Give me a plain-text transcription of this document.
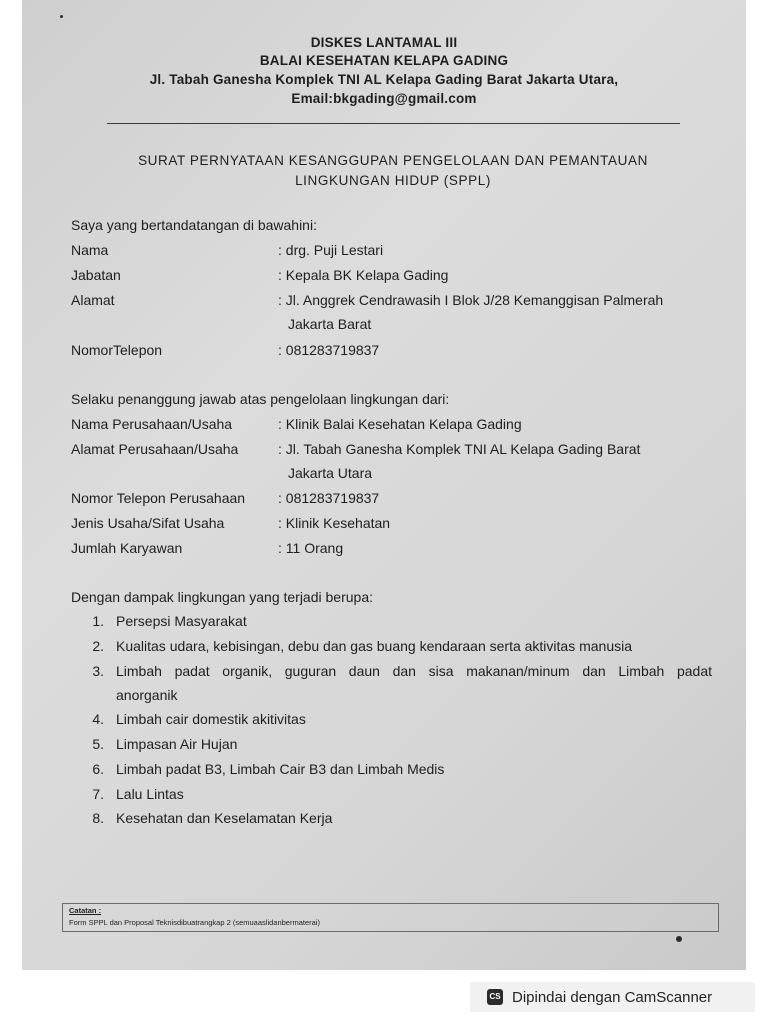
DISKES LANTAMAL III
BALAI KESEHATAN KELAPA GADING
Jl. Tabah Ganesha Komplek TNI AL Kelapa Gading Barat Jakarta Utara,
Email:bkgading@gmail.com
SURAT PERNYATAAN KESANGGUPAN PENGELOLAAN DAN PEMANTAUAN
LINGKUNGAN HIDUP (SPPL)
Saya yang bertandatangan di bawahini:
Nama	: drg. Puji Lestari
Jabatan	: Kepala BK Kelapa Gading
Alamat	: Jl. Anggrek Cendrawasih I Blok J/28 Kemanggisan Palmerah
Jakarta Barat
NomorTelepon	: 081283719837
Selaku penanggung jawab atas pengelolaan lingkungan dari:
Nama Perusahaan/Usaha	: Klinik Balai Kesehatan Kelapa Gading
Alamat Perusahaan/Usaha	: Jl. Tabah Ganesha Komplek TNI AL Kelapa Gading Barat
Jakarta Utara
Nomor Telepon Perusahaan : 081283719837
Jenis Usaha/Sifat Usaha	: Klinik Kesehatan
Jumlah Karyawan	: 11 Orang
Dengan dampak lingkungan yang terjadi berupa:
1. Persepsi Masyarakat
2. Kualitas udara, kebisingan, debu dan gas buang kendaraan serta aktivitas manusia
3. Limbah padat organik, guguran daun dan sisa makanan/minum dan Limbah padat
anorganik
4. Limbah cair domestik akitivitas
5. Limpasan Air Hujan
6. Limbah padat B3, Limbah Cair B3 dan Limbah Medis
7. Lalu Lintas
8. Kesehatan dan Keselamatan Kerja
Catatan :
Form SPPL dan Proposal Teknisdibuatrangkap 2 (semuaaslidanbermaterai)
CS Dipindai dengan CamScanner
